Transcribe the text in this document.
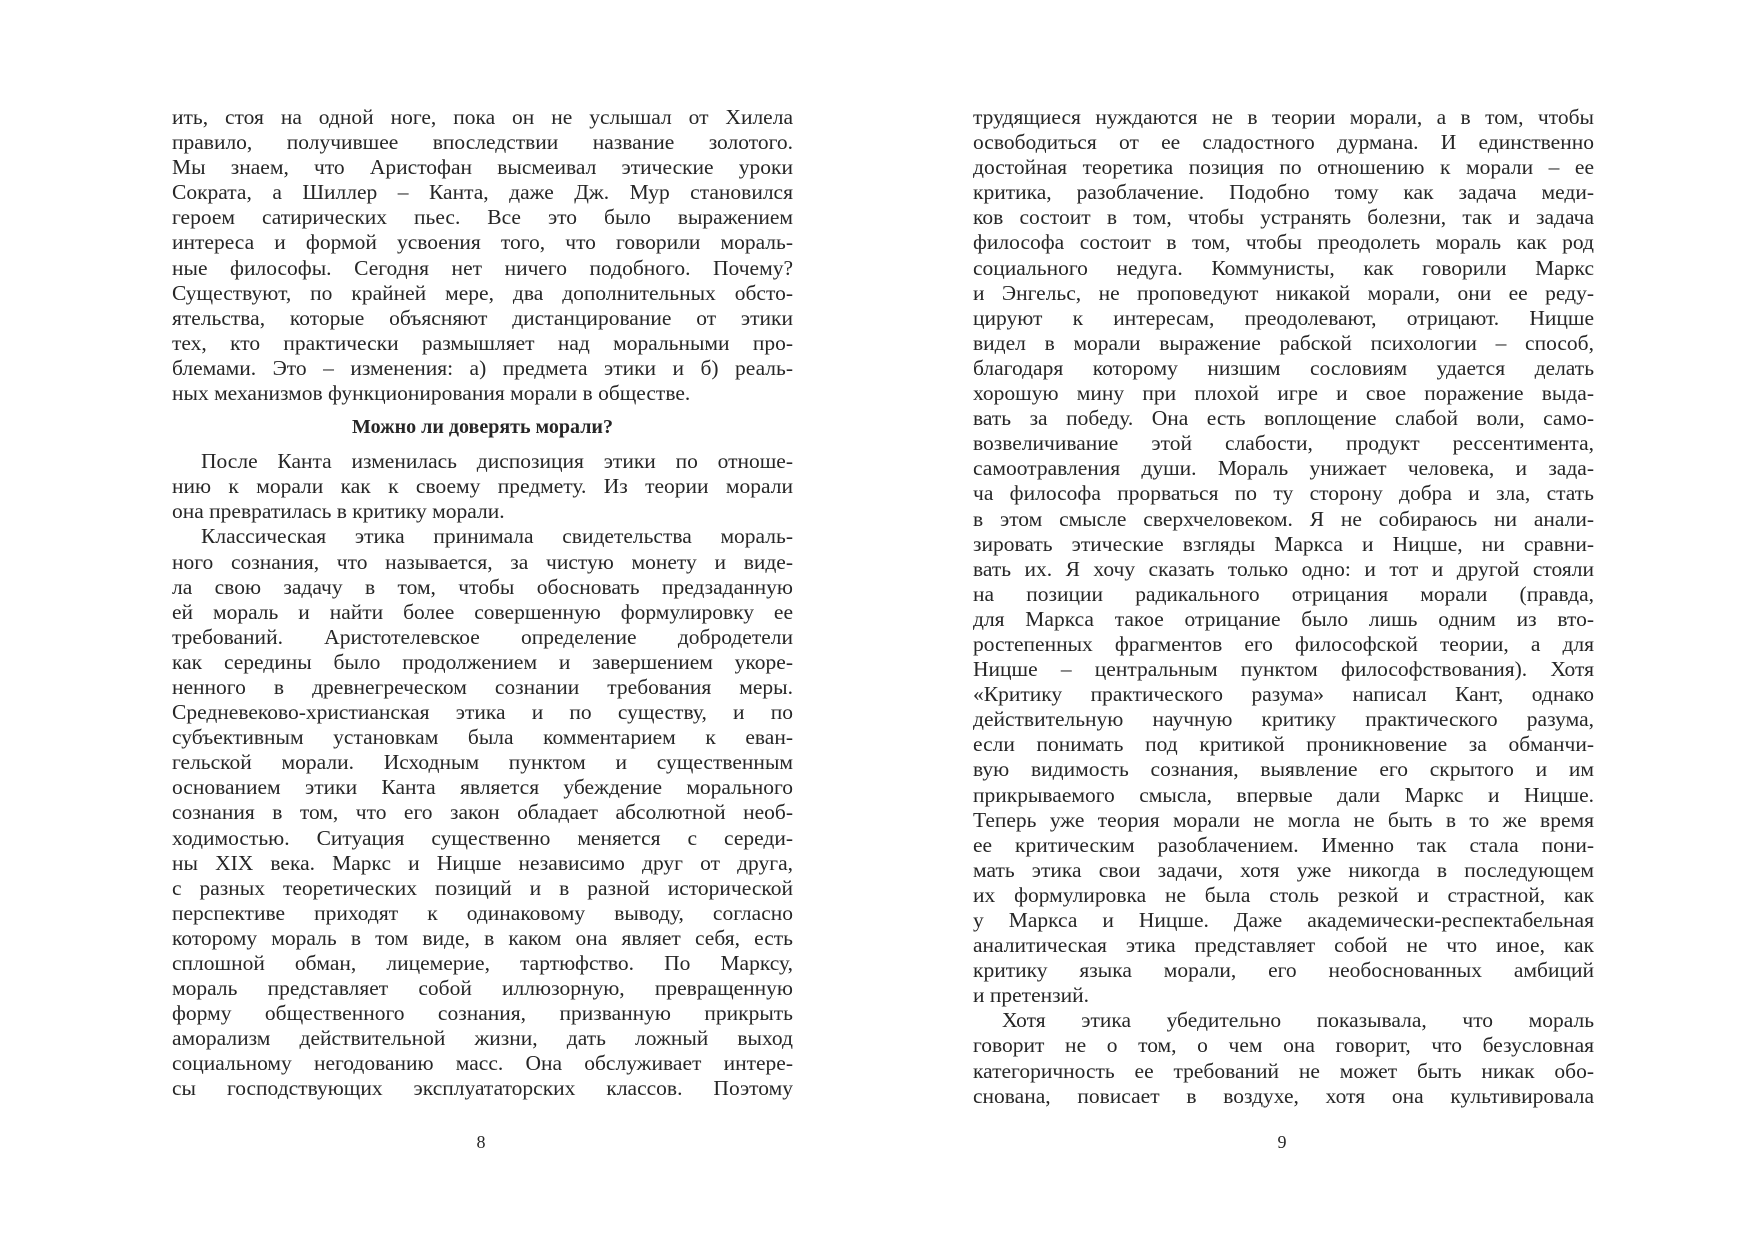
ить, стоя на одной ноге, пока он не услышал от Хилела
правило, получившее впоследствии название золотого.
Мы знаем, что Аристофан высмеивал этические уроки
Сократа, а Шиллер – Канта, даже Дж. Мур становился
героем сатирических пьес. Все это было выражением
интереса и формой усвоения того, что говорили мораль-
ные философы. Сегодня нет ничего подобного. Почему?
Существуют, по крайней мере, два дополнительных обсто-
ятельства, которые объясняют дистанцирование от этики
тех, кто практически размышляет над моральными про-
блемами. Это – изменения: а) предмета этики и б) реаль-
ных механизмов функционирования морали в обществе.
Можно ли доверять морали?
После Канта изменилась диспозиция этики по отноше-
нию к морали как к своему предмету. Из теории морали
она превратилась в критику морали.
Классическая этика принимала свидетельства мораль-
ного сознания, что называется, за чистую монету и виде-
ла свою задачу в том, чтобы обосновать предзаданную
ей мораль и найти более совершенную формулировку ее
требований. Аристотелевское определение добродетели
как середины было продолжением и завершением укоре-
ненного в древнегреческом сознании требования меры.
Средневеково-христианская этика и по существу, и по
субъективным установкам была комментарием к еван-
гельской морали. Исходным пунктом и существенным
основанием этики Канта является убеждение морального
сознания в том, что его закон обладает абсолютной необ-
ходимостью. Ситуация существенно меняется с середи-
ны XIX века. Маркс и Ницше независимо друг от друга,
с разных теоретических позиций и в разной исторической
перспективе приходят к одинаковому выводу, согласно
которому мораль в том виде, в каком она являет себя, есть
сплошной обман, лицемерие, тартюфство. По Марксу,
мораль представляет собой иллюзорную, превращенную
форму общественного сознания, призванную прикрыть
аморализм действительной жизни, дать ложный выход
социальному негодованию масс. Она обслуживает интере-
сы господствующих эксплуататорских классов. Поэтому
трудящиеся нуждаются не в теории морали, а в том, чтобы
освободиться от ее сладостного дурмана. И единственно
достойная теоретика позиция по отношению к морали – ее
критика, разоблачение. Подобно тому как задача меди-
ков состоит в том, чтобы устранять болезни, так и задача
философа состоит в том, чтобы преодолеть мораль как род
социального недуга. Коммунисты, как говорили Маркс
и Энгельс, не проповедуют никакой морали, они ее реду-
цируют к интересам, преодолевают, отрицают. Ницше
видел в морали выражение рабской психологии – способ,
благодаря которому низшим сословиям удается делать
хорошую мину при плохой игре и свое поражение выда-
вать за победу. Она есть воплощение слабой воли, само-
возвеличивание этой слабости, продукт рессентимента,
самоотравления души. Мораль унижает человека, и зада-
ча философа прорваться по ту сторону добра и зла, стать
в этом смысле сверхчеловеком. Я не собираюсь ни анали-
зировать этические взгляды Маркса и Ницше, ни сравни-
вать их. Я хочу сказать только одно: и тот и другой стояли
на позиции радикального отрицания морали (правда,
для Маркса такое отрицание было лишь одним из вто-
ростепенных фрагментов его философской теории, а для
Ницше – центральным пунктом философствования). Хотя
«Критику практического разума» написал Кант, однако
действительную научную критику практического разума,
если понимать под критикой проникновение за обманчи-
вую видимость сознания, выявление его скрытого и им
прикрываемого смысла, впервые дали Маркс и Ницше.
Теперь уже теория морали не могла не быть в то же время
ее критическим разоблачением. Именно так стала пони-
мать этика свои задачи, хотя уже никогда в последующем
их формулировка не была столь резкой и страстной, как
у Маркса и Ницше. Даже академически-респектабельная
аналитическая этика представляет собой не что иное, как
критику языка морали, его необоснованных амбиций
и претензий.
Хотя этика убедительно показывала, что мораль
говорит не о том, о чем она говорит, что безусловная
категоричность ее требований не может быть никак обо-
снована, повисает в воздухе, хотя она культивировала
8	9
